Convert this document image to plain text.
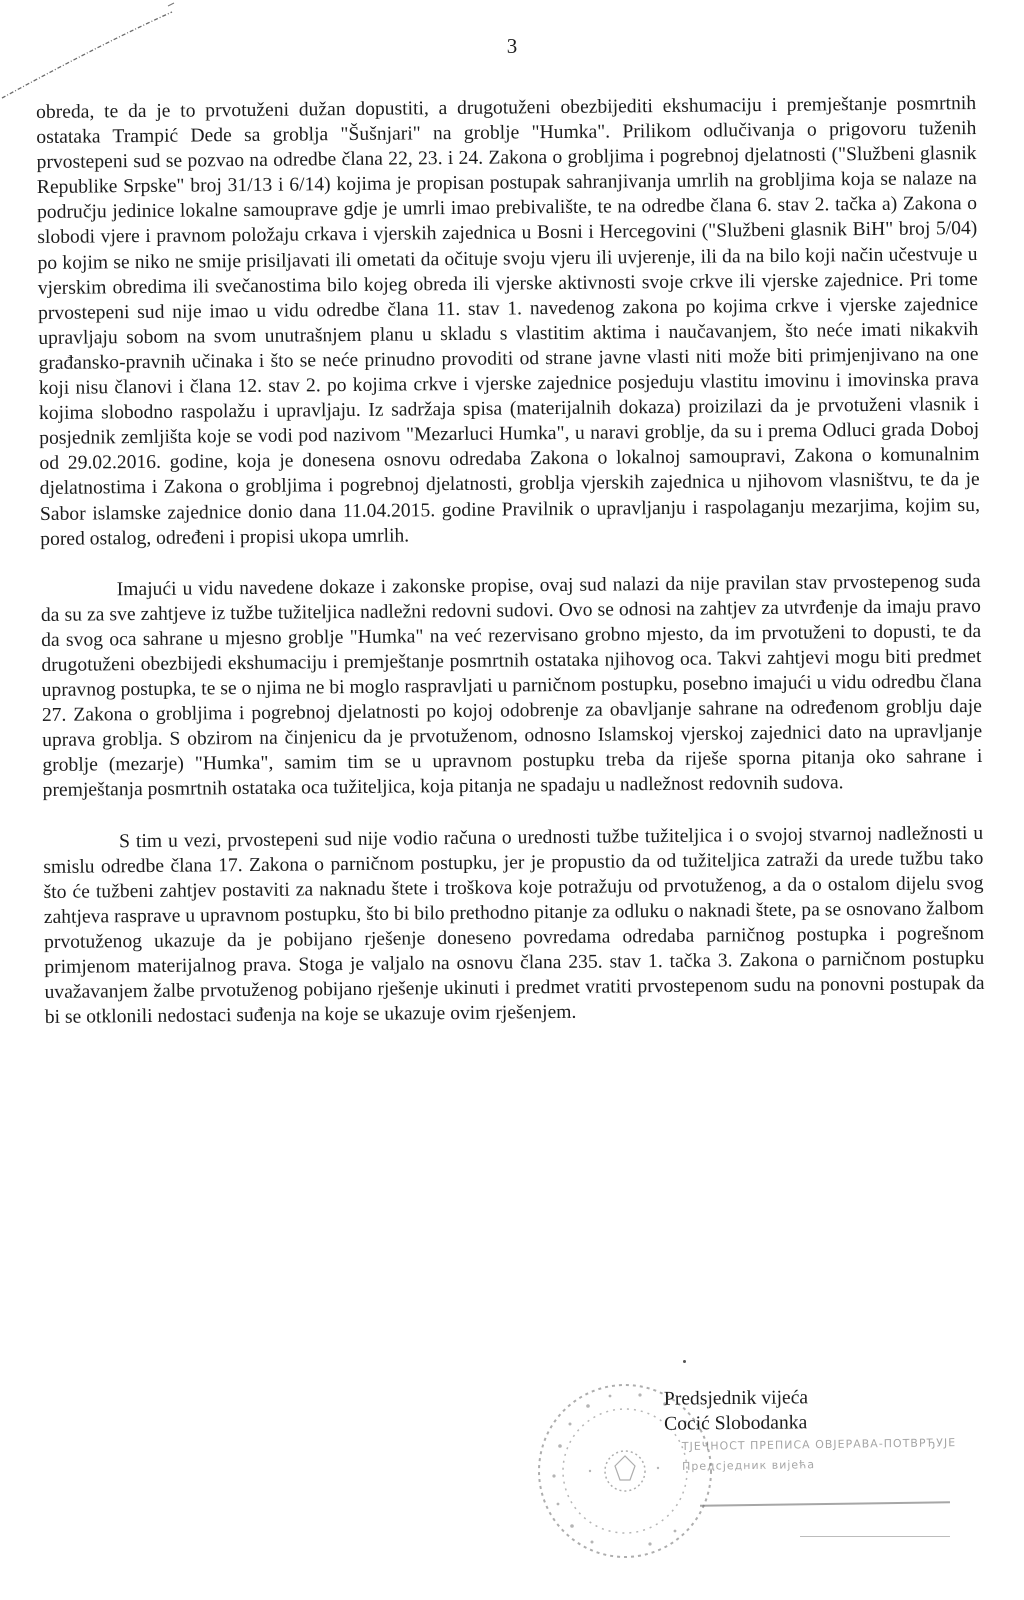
3

obreda, te da je to prvotuženi dužan dopustiti, a drugotuženi obezbijediti ekshumaciju i premještanje posmrtnih ostataka Trampić Dede sa groblja "Šušnjari" na groblje "Humka". Prilikom odlučivanja o prigovoru tuženih prvostepeni sud se pozvao na odredbe člana 22, 23. i 24. Zakona o grobljima i pogrebnoj djelatnosti ("Službeni glasnik Republike Srpske" broj 31/13 i 6/14) kojima je propisan postupak sahranjivanja umrlih na grobljima koja se nalaze na području jedinice lokalne samouprave gdje je umrli imao prebivalište, te na odredbe člana 6. stav 2. tačka a) Zakona o slobodi vjere i pravnom položaju crkava i vjerskih zajednica u Bosni i Hercegovini ("Službeni glasnik BiH" broj 5/04) po kojim se niko ne smije prisiljavati ili ometati da očituje svoju vjeru ili uvjerenje, ili da na bilo koji način učestvuje u vjerskim obredima ili svečanostima bilo kojeg obreda ili vjerske aktivnosti svoje crkve ili vjerske zajednice. Pri tome prvostepeni sud nije imao u vidu odredbe člana 11. stav 1. navedenog zakona po kojima crkve i vjerske zajednice upravljaju sobom na svom unutrašnjem planu u skladu s vlastitim aktima i naučavanjem, što neće imati nikakvih građansko-pravnih učinaka i što se neće prinudno provoditi od strane javne vlasti niti može biti primjenjivano na one koji nisu članovi i člana 12. stav 2. po kojima crkve i vjerske zajednice posjeduju vlastitu imovinu i imovinska prava kojima slobodno raspolažu i upravljaju. Iz sadržaja spisa (materijalnih dokaza) proizilazi da je prvotuženi vlasnik i posjednik zemljišta koje se vodi pod nazivom "Mezarluci Humka", u naravi groblje, da su i prema Odluci grada Doboj od 29.02.2016. godine, koja je donesena osnovu odredaba Zakona o lokalnoj samoupravi, Zakona o komunalnim djelatnostima i Zakona o grobljima i pogrebnoj djelatnosti, groblja vjerskih zajednica u njihovom vlasništvu, te da je Sabor islamske zajednice donio dana 11.04.2015. godine Pravilnik o upravljanju i raspolaganju mezarjima, kojim su, pored ostalog, određeni i propisi ukopa umrlih.

Imajući u vidu navedene dokaze i zakonske propise, ovaj sud nalazi da nije pravilan stav prvostepenog suda da su za sve zahtjeve iz tužbe tužiteljica nadležni redovni sudovi. Ovo se odnosi na zahtjev za utvrđenje da imaju pravo da svog oca sahrane u mjesno groblje "Humka" na već rezervisano grobno mjesto, da im prvotuženi to dopusti, te da drugotuženi obezbijedi ekshumaciju i premještanje posmrtnih ostataka njihovog oca. Takvi zahtjevi mogu biti predmet upravnog postupka, te se o njima ne bi moglo raspravljati u parničnom postupku, posebno imajući u vidu odredbu člana 27. Zakona o grobljima i pogrebnoj djelatnosti po kojoj odobrenje za obavljanje sahrane na određenom groblju daje uprava groblja. S obzirom na činjenicu da je prvotuženom, odnosno Islamskoj vjerskoj zajednici dato na upravljanje groblje (mezarje) "Humka", samim tim se u upravnom postupku treba da riješe sporna pitanja oko sahrane i premještanja posmrtnih ostataka oca tužiteljica, koja pitanja ne spadaju u nadležnost redovnih sudova.

S tim u vezi, prvostepeni sud nije vodio računa o urednosti tužbe tužiteljica i o svojoj stvarnoj nadležnosti u smislu odredbe člana 17. Zakona o parničnom postupku, jer je propustio da od tužiteljica zatraži da urede tužbu tako što će tužbeni zahtjev postaviti za naknadu štete i troškova koje potražuju od prvotuženog, a da o ostalom dijelu svog zahtjeva rasprave u upravnom postupku, što bi bilo prethodno pitanje za odluku o naknadi štete, pa se osnovano žalbom prvotuženog ukazuje da je pobijano rješenje doneseno povredama odredaba parničnog postupka i pogrešnom primjenom materijalnog prava. Stoga je valjalo na osnovu člana 235. stav 1. tačka 3. Zakona o parničnom postupku uvažavanjem žalbe prvotuženog pobijano rješenje ukinuti i predmet vratiti prvostepenom sudu na ponovni postupak da bi se otklonili nedostaci suđenja na koje se ukazuje ovim rješenjem.

Predsjednik vijeća
Cocić Slobodanka
ТЈЕЧНОСТ ПРЕПИСА ОВЈЕРАВА-ПОТВРЂУЈЕ
Предсједник вијећа
